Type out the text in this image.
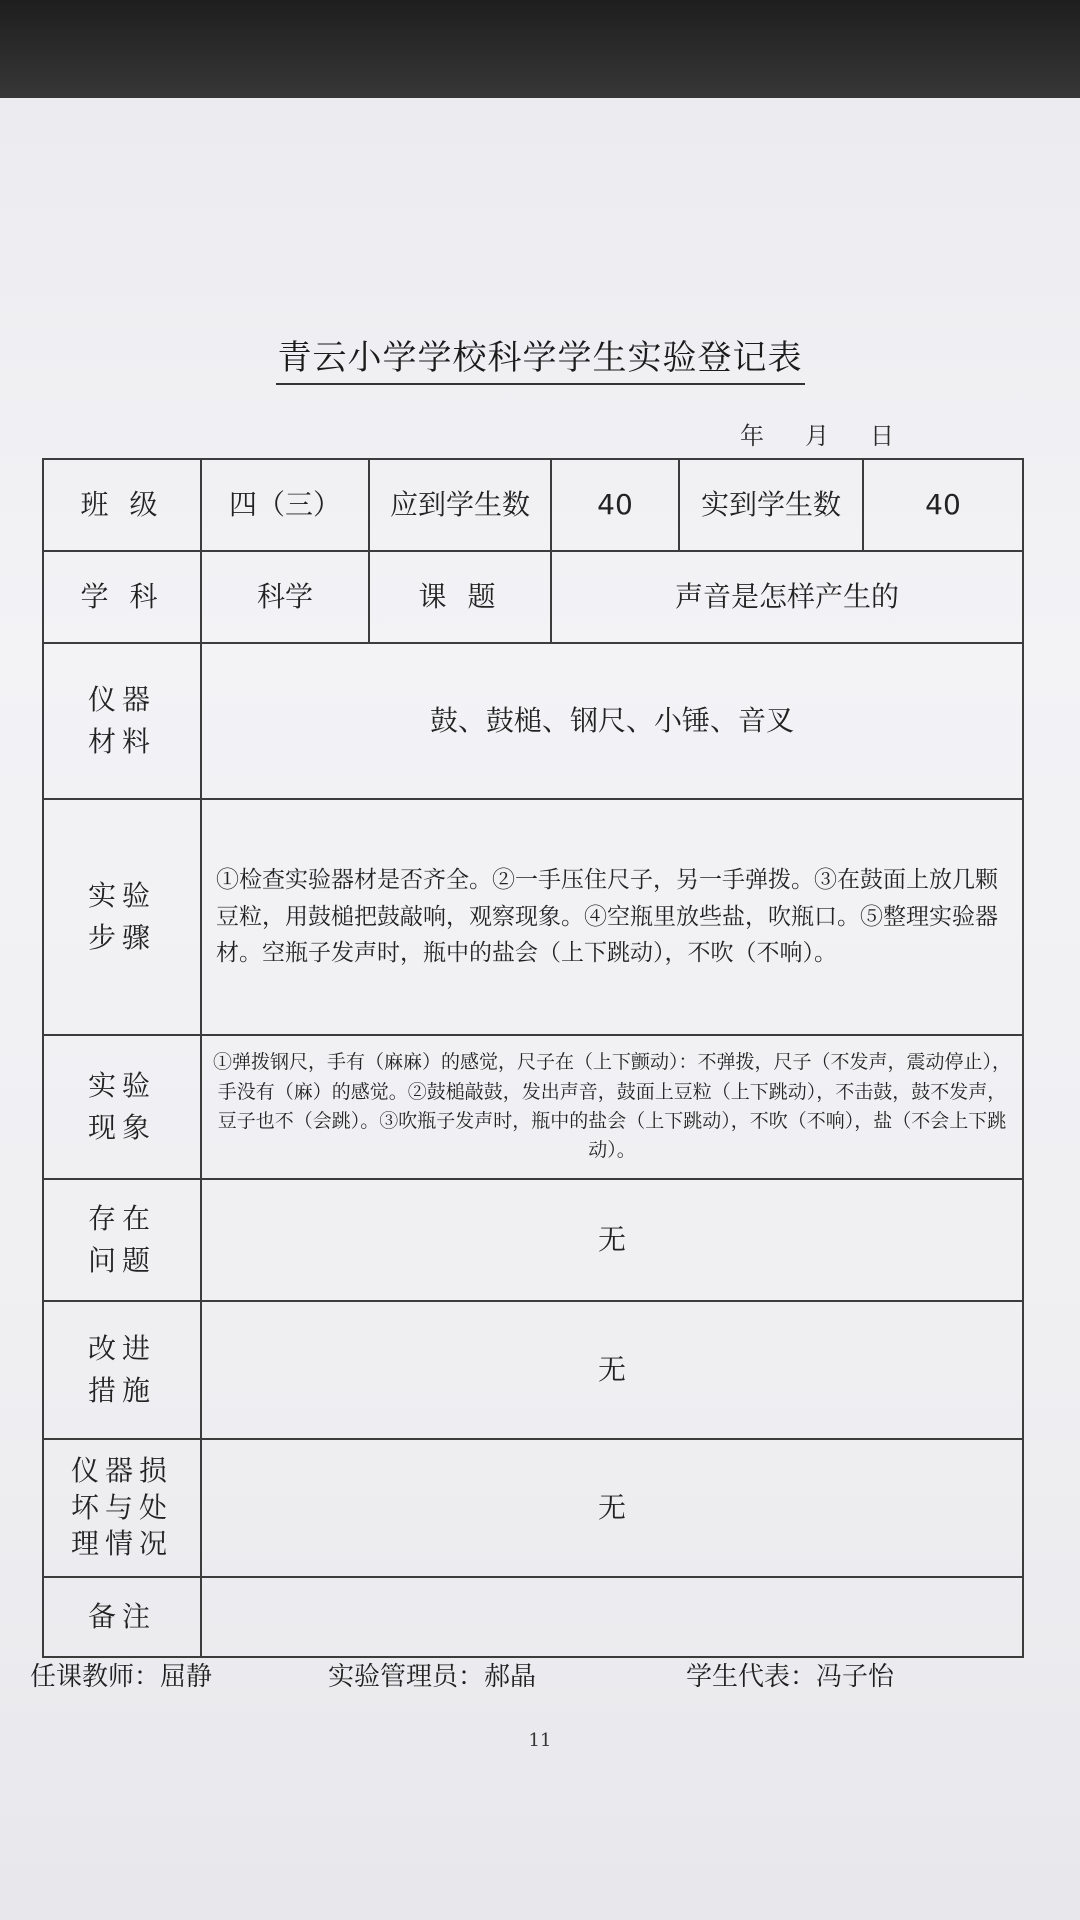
青云小学学校科学学生实验登记表
年 月 日
班 级	四（三）	应到学生数	40	实到学生数	40
学 科	科学	课 题	声音是怎样产生的		

仪器
材料	鼓、鼓槌、钢尺、小锤、音叉				

实验
步骤	①检查实验器材是否齐全。②一手压住尺子，另一手弹拨。③在鼓面上放几颗豆粒，用鼓槌把鼓敲响，观察现象。④空瓶里放些盐，吹瓶口。⑤整理实验器材。空瓶子发声时，瓶中的盐会（上下跳动），不吹（不响）。				

实验
现象	①弹拨钢尺，手有（麻麻）的感觉，尺子在（上下颤动）：不弹拨，尺子（不发声，震动停止），手没有（麻）的感觉。②鼓槌敲鼓，发出声音，鼓面上豆粒（上下跳动），不击鼓，鼓不发声，豆子也不（会跳）。③吹瓶子发声时，瓶中的盐会（上下跳动），不吹（不响），盐（不会上下跳动）。				

存在
问题	无				

改进
措施	无				

仪器损
坏与处
理情况	无				
备注					
任课教师：屈静	实验管理员：郝晶	学生代表：冯子怡
11
